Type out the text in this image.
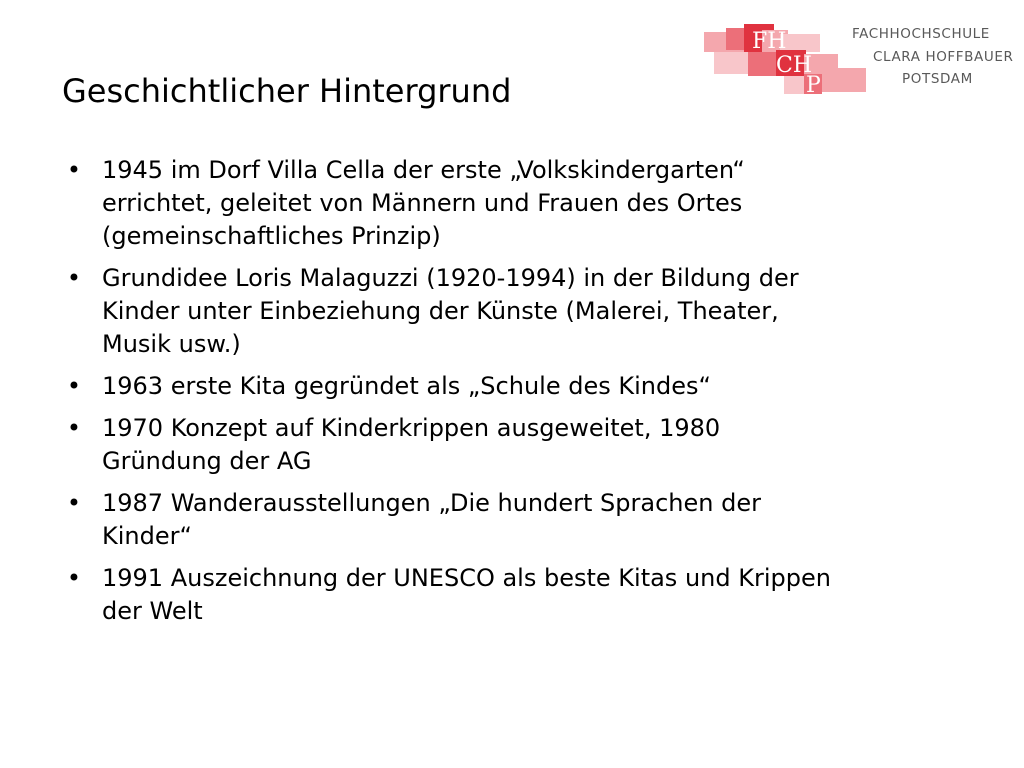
FH
CH
P
FACHHOCHSCHULE
CLARA HOFFBAUER
POTSDAM
Geschichtlicher Hintergrund
• 1945 im Dorf Villa Cella der erste „Volkskindergarten“
errichtet, geleitet von Männern und Frauen des Ortes
(gemeinschaftliches Prinzip)
• Grundidee Loris Malaguzzi (1920-1994) in der Bildung der
Kinder unter Einbeziehung der Künste (Malerei, Theater,
Musik usw.)
• 1963 erste Kita gegründet als „Schule des Kindes“
• 1970 Konzept auf Kinderkrippen ausgeweitet, 1980
Gründung der AG
• 1987 Wanderausstellungen „Die hundert Sprachen der
Kinder“
• 1991 Auszeichnung der UNESCO als beste Kitas und Krippen
der Welt
